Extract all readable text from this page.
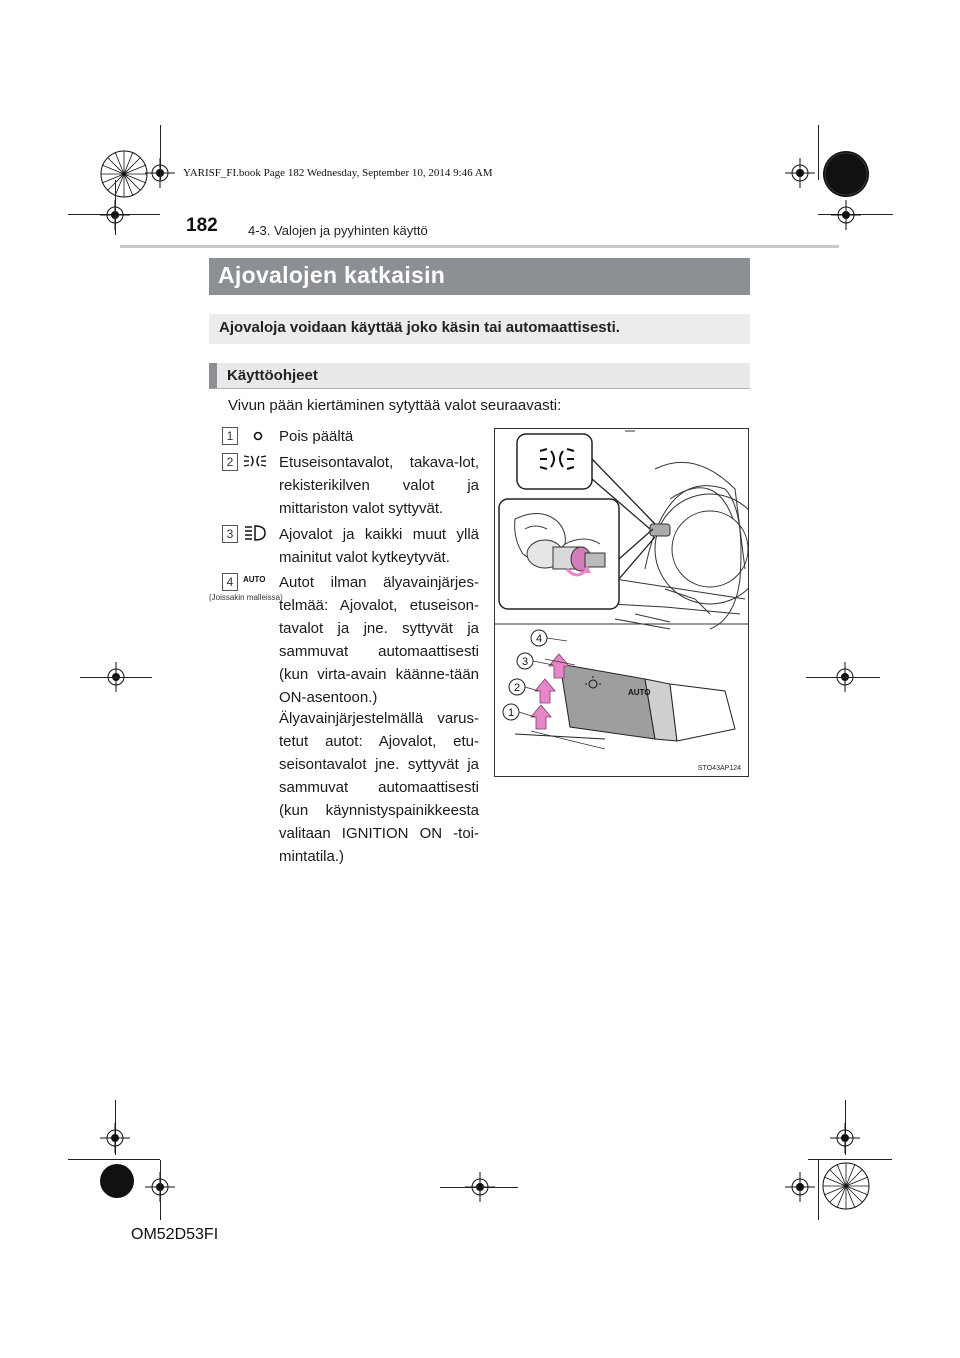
YARISF_FI.book Page 182 Wednesday, September 10, 2014 9:46 AM
182 4-3. Valojen ja pyyhinten käyttö
Ajovalojen katkaisin
Ajovaloja voidaan käyttää joko käsin tai automaattisesti.
Käyttöohjeet
Vivun pään kiertäminen sytyttää valot seuraavasti:
1	Pois päältä
2	Etuseisontavalot, takava-lot, rekisterikilven valot ja mittariston valot syttyvät.
3	Ajovalot ja kaikki muut yllä mainitut valot kytkeytyvät.
4	AUTO
(Joissakin malleissa)
Autot ilman älyavainjärjes-telmää: Ajovalot, etuseison-tavalot ja jne. syttyvät ja sammuvat automaattisesti (kun virta-avain käänne-tään ON-asentoon.)
Älyavainjärjestelmällä varus-tetut autot: Ajovalot, etu-seisontavalot jne. syttyvät ja sammuvat automaattisesti (kun käynnistyspainikkeesta valitaan IGNITION ON -toi-mintatila.)
AUTO
1
2
3
4
STO43AP124
OM52D53FI
